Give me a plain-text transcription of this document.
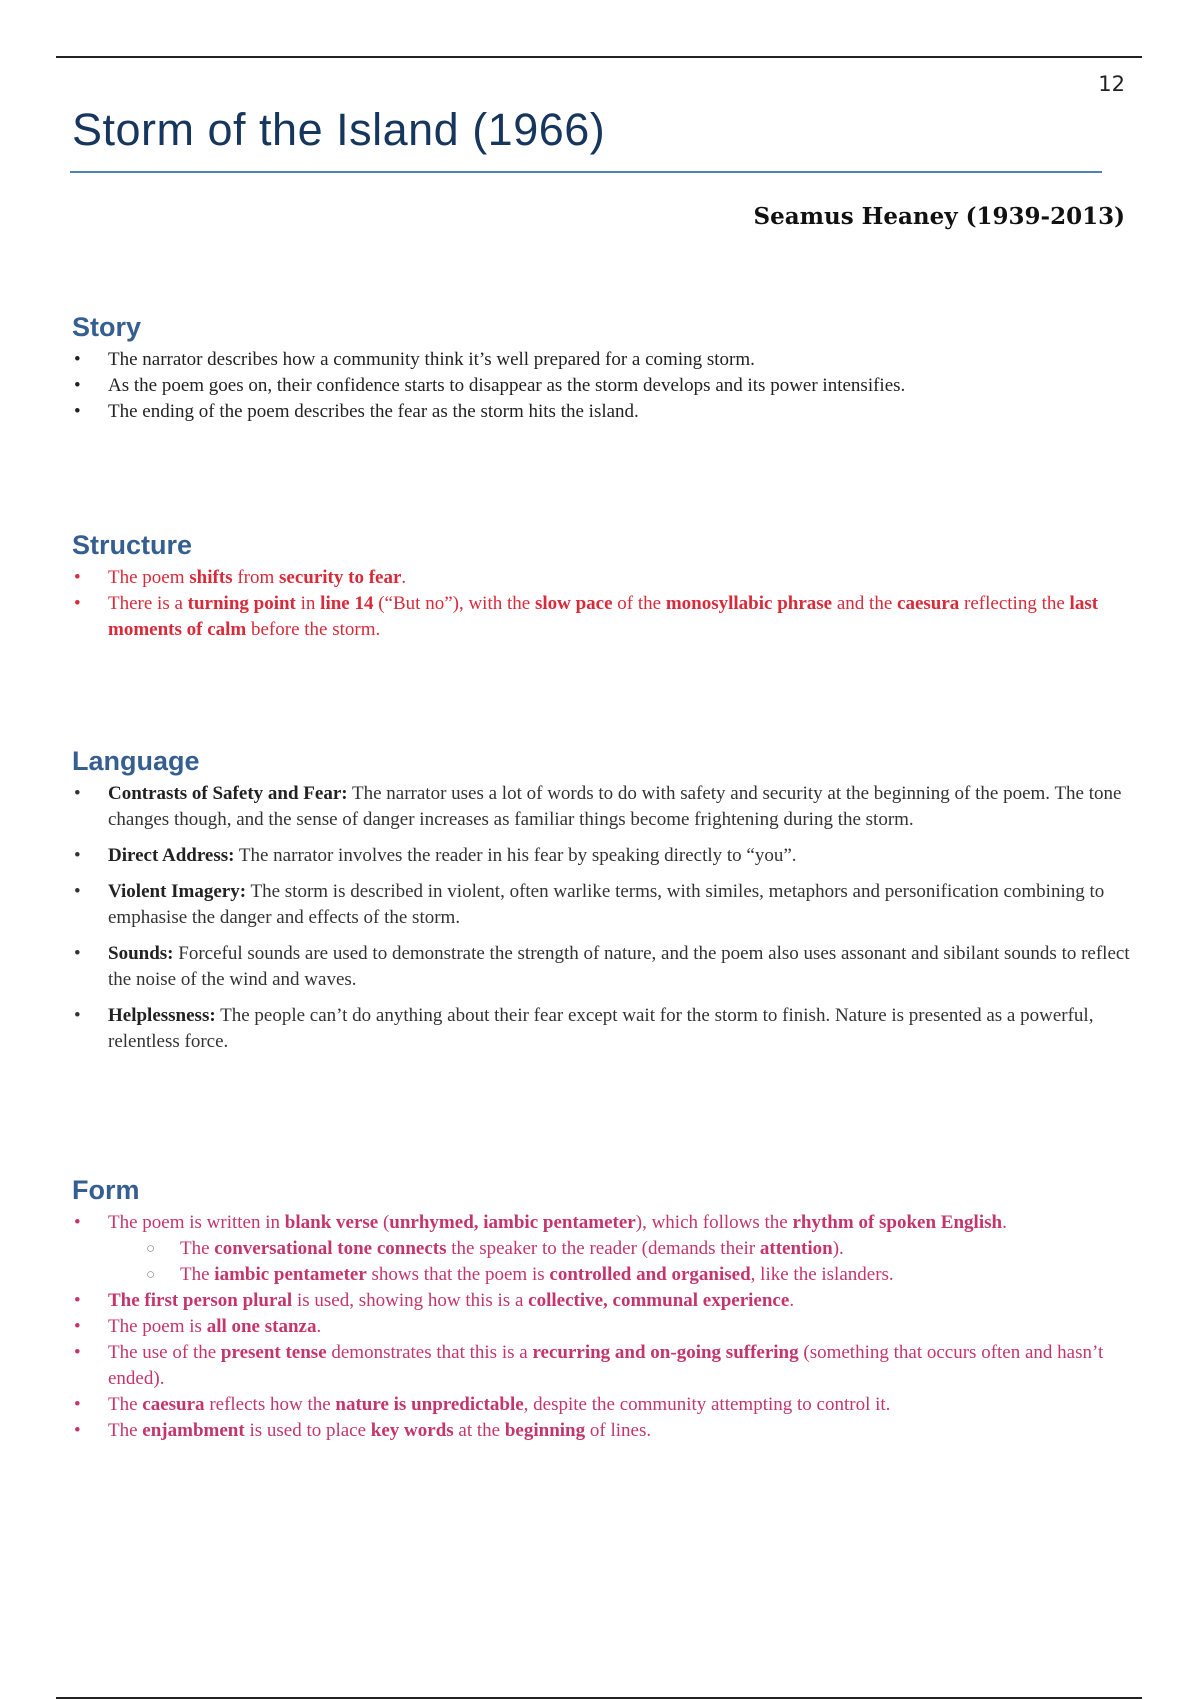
12
Storm of the Island (1966)
Seamus Heaney (1939-2013)
Story
• The narrator describes how a community think it’s well prepared for a coming storm.
• As the poem goes on, their confidence starts to disappear as the storm develops and its power intensifies.
• The ending of the poem describes the fear as the storm hits the island.
Structure
• The poem shifts from security to fear.
• There is a turning point in line 14 (“But no”), with the slow pace of the monosyllabic phrase and the caesura reflecting the last moments of calm before the storm.
Language
• Contrasts of Safety and Fear: The narrator uses a lot of words to do with safety and security at the beginning of the poem. The tone changes though, and the sense of danger increases as familiar things become frightening during the storm.
• Direct Address: The narrator involves the reader in his fear by speaking directly to “you”.
• Violent Imagery: The storm is described in violent, often warlike terms, with similes, metaphors and personification combining to emphasise the danger and effects of the storm.
• Sounds: Forceful sounds are used to demonstrate the strength of nature, and the poem also uses assonant and sibilant sounds to reflect the noise of the wind and waves.
• Helplessness: The people can’t do anything about their fear except wait for the storm to finish. Nature is presented as a powerful, relentless force.
Form
• The poem is written in blank verse (unrhymed, iambic pentameter), which follows the rhythm of spoken English.
○ The conversational tone connects the speaker to the reader (demands their attention).
○ The iambic pentameter shows that the poem is controlled and organised, like the islanders.
• The first person plural is used, showing how this is a collective, communal experience.
• The poem is all one stanza.
• The use of the present tense demonstrates that this is a recurring and on-going suffering (something that occurs often and hasn’t ended).
• The caesura reflects how the nature is unpredictable, despite the community attempting to control it.
• The enjambment is used to place key words at the beginning of lines.
